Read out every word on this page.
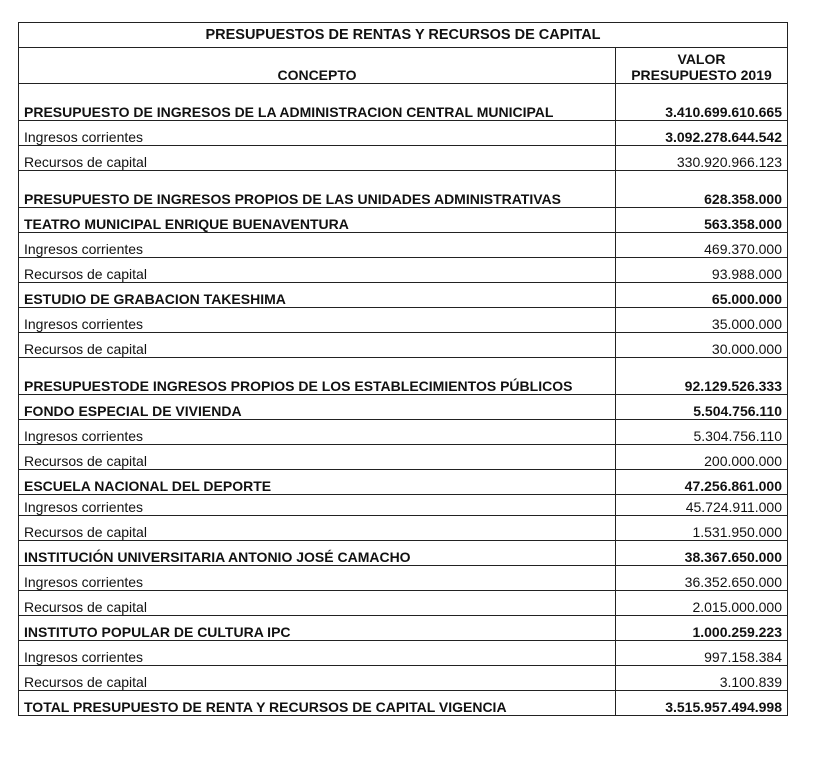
PRESUPUESTOS DE RENTAS Y RECURSOS DE CAPITAL	
CONCEPTO	VALOR
PRESUPUESTO 2019

PRESUPUESTO DE INGRESOS DE LA ADMINISTRACION CENTRAL MUNICIPAL	3.410.699.610.665
Ingresos corrientes	3.092.278.644.542
Recursos de capital	330.920.966.123
PRESUPUESTO DE INGRESOS PROPIOS DE LAS UNIDADES ADMINISTRATIVAS	628.358.000
TEATRO MUNICIPAL ENRIQUE BUENAVENTURA	563.358.000
Ingresos corrientes	469.370.000
Recursos de capital	93.988.000
ESTUDIO DE GRABACION TAKESHIMA	65.000.000
Ingresos corrientes	35.000.000
Recursos de capital	30.000.000
PRESUPUESTODE INGRESOS PROPIOS DE LOS ESTABLECIMIENTOS PÚBLICOS	92.129.526.333
FONDO ESPECIAL DE VIVIENDA	5.504.756.110
Ingresos corrientes	5.304.756.110
Recursos de capital	200.000.000
ESCUELA NACIONAL DEL DEPORTE	47.256.861.000
Ingresos corrientes	45.724.911.000
Recursos de capital	1.531.950.000
INSTITUCIÓN UNIVERSITARIA ANTONIO JOSÉ CAMACHO	38.367.650.000
Ingresos corrientes	36.352.650.000
Recursos de capital	2.015.000.000
INSTITUTO POPULAR DE CULTURA IPC	1.000.259.223
Ingresos corrientes	997.158.384
Recursos de capital	3.100.839
TOTAL PRESUPUESTO DE RENTA Y RECURSOS DE CAPITAL VIGENCIA	3.515.957.494.998
